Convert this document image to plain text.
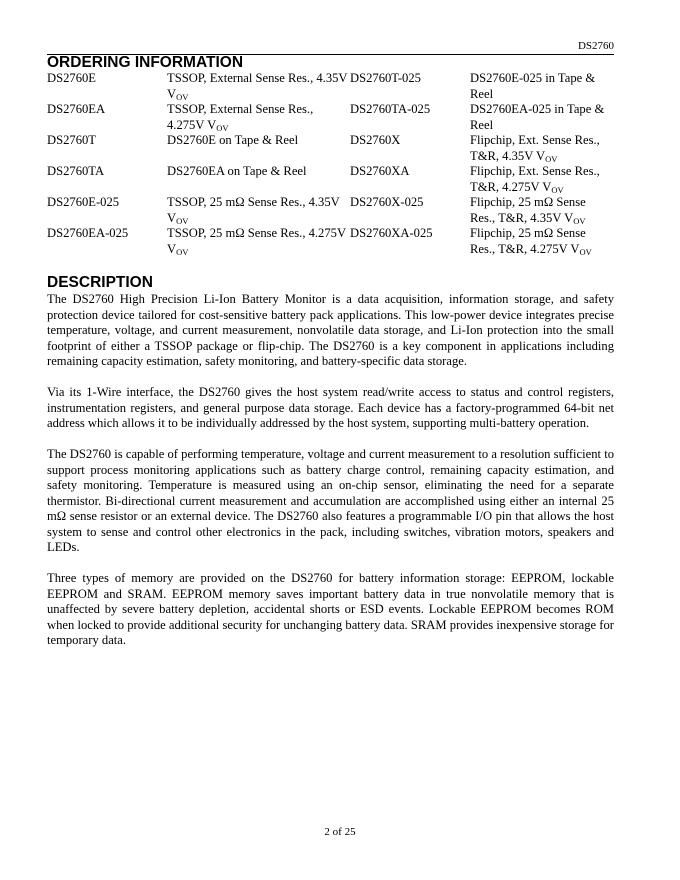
DS2760
ORDERING INFORMATION
DS2760E	TSSOP, External Sense Res., 4.35V $V_{OV}$	DS2760T-025	DS2760E-025 in Tape & Reel
DS2760EA	TSSOP, External Sense Res., 4.275V $V_{OV}$	DS2760TA-025	DS2760EA-025 in Tape & Reel
DS2760T	DS2760E on Tape & Reel	DS2760X	Flipchip, Ext. Sense Res., T&R, 4.35V $V_{OV}$
DS2760TA	DS2760EA on Tape & Reel	DS2760XA	Flipchip, Ext. Sense Res., T&R, 4.275V $V_{OV}$
DS2760E-025	TSSOP, 25 mΩ Sense Res., 4.35V $V_{OV}$	DS2760X-025	Flipchip, 25 mΩ Sense Res., T&R, 4.35V $V_{OV}$
DS2760EA-025	TSSOP, 25 mΩ Sense Res., 4.275V $V_{OV}$	DS2760XA-025	Flipchip, 25 mΩ Sense Res., T&R, 4.275V $V_{OV}$
DESCRIPTION

The DS2760 High Precision Li-Ion Battery Monitor is a data acquisition, information storage, and safety protection device tailored for cost-sensitive battery pack applications. This low-power device integrates precise temperature, voltage, and current measurement, nonvolatile data storage, and Li-Ion protection into the small footprint of either a TSSOP package or flip-chip. The DS2760 is a key component in applications including remaining capacity estimation, safety monitoring, and battery-specific data storage.

Via its 1-Wire interface, the DS2760 gives the host system read/write access to status and control registers, instrumentation registers, and general purpose data storage. Each device has a factory-programmed 64-bit net address which allows it to be individually addressed by the host system, supporting multi-battery operation.

The DS2760 is capable of performing temperature, voltage and current measurement to a resolution sufficient to support process monitoring applications such as battery charge control, remaining capacity estimation, and safety monitoring. Temperature is measured using an on-chip sensor, eliminating the need for a separate thermistor. Bi-directional current measurement and accumulation are accomplished using either an internal 25 mΩ sense resistor or an external device. The DS2760 also features a programmable I/O pin that allows the host system to sense and control other electronics in the pack, including switches, vibration motors, speakers and LEDs.

Three types of memory are provided on the DS2760 for battery information storage: EEPROM, lockable EEPROM and SRAM. EEPROM memory saves important battery data in true nonvolatile memory that is unaffected by severe battery depletion, accidental shorts or ESD events. Lockable EEPROM becomes ROM when locked to provide additional security for unchanging battery data. SRAM provides inexpensive storage for temporary data.

2 of 25
